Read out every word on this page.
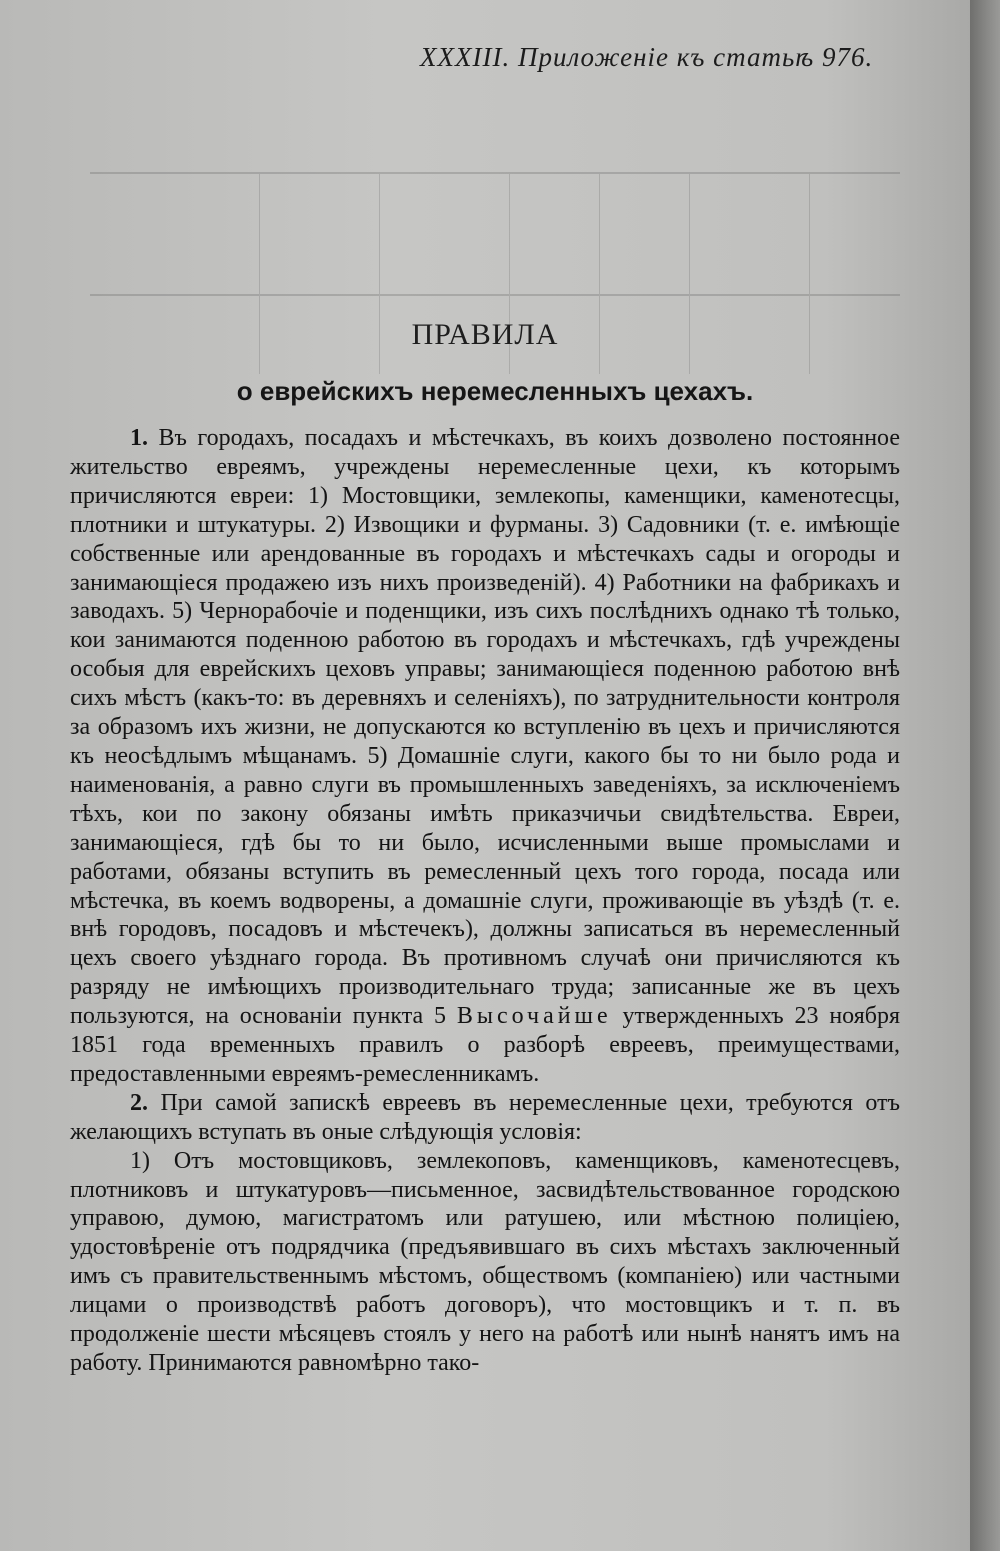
XXXIII. Приложеніе къ статьѣ 976.
ПРАВИЛА
о еврейскихъ неремесленныхъ цехахъ.

1. Въ городахъ, посадахъ и мѣстечкахъ, въ коихъ дозволено постоянное жительство евреямъ, учреждены неремесленные цехи, къ которымъ причисляются евреи: 1) Мостовщики, землекопы, каменщики, каменотесцы, плотники и штукатуры. 2) Извощики и фурманы. 3) Садовники (т. е. имѣющіе собственные или арендованные въ городахъ и мѣстечкахъ сады и огороды и занимающіеся продажею изъ нихъ произведеній). 4) Работники на фабрикахъ и заводахъ. 5) Чернорабочіе и поденщики, изъ сихъ послѣднихъ однако тѣ только, кои занимаются поденною работою въ городахъ и мѣстечкахъ, гдѣ учреждены особыя для еврейскихъ цеховъ управы; занимающіеся поденною работою внѣ сихъ мѣстъ (какъ-то: въ деревняхъ и селеніяхъ), по затруднительности контроля за образомъ ихъ жизни, не допускаются ко вступленію въ цехъ и причисляются къ неосѣдлымъ мѣщанамъ. 5) Домашніе слуги, какого бы то ни было рода и наименованія, а равно слуги въ промышленныхъ заведеніяхъ, за исключеніемъ тѣхъ, кои по закону обязаны имѣть приказчичьи свидѣтельства. Евреи, занимающіеся, гдѣ бы то ни было, исчисленными выше промыслами и работами, обязаны вступить въ ремесленный цехъ того города, посада или мѣстечка, въ коемъ водворены, а домашніе слуги, проживающіе въ уѣздѣ (т. е. внѣ городовъ, посадовъ и мѣстечекъ), должны записаться въ неремесленный цехъ своего уѣзднаго города. Въ противномъ случаѣ они причисляются къ разряду не имѣющихъ производительнаго труда; записанные же въ цехъ пользуются, на основаніи пункта 5 Высочайше утвержденныхъ 23 ноября 1851 года временныхъ правилъ о разборѣ евреевъ, преимуществами, предоставленными евреямъ-ремесленникамъ.

2. При самой запискѣ евреевъ въ неремесленные цехи, требуются отъ желающихъ вступать въ оные слѣдующія условія:

1) Отъ мостовщиковъ, землекоповъ, каменщиковъ, каменотесцевъ, плотниковъ и штукатуровъ—письменное, засвидѣтельствованное городскою управою, думою, магистратомъ или ратушею, или мѣстною полиціею, удостовѣреніе отъ подрядчика (предъявившаго въ сихъ мѣстахъ заключенный имъ съ правительственнымъ мѣстомъ, обществомъ (компаніею) или частными лицами о производствѣ работъ договоръ), что мостовщикъ и т. п. въ продолженіе шести мѣсяцевъ стоялъ у него на работѣ или нынѣ нанятъ имъ на работу. Принимаются равномѣрно тако-
